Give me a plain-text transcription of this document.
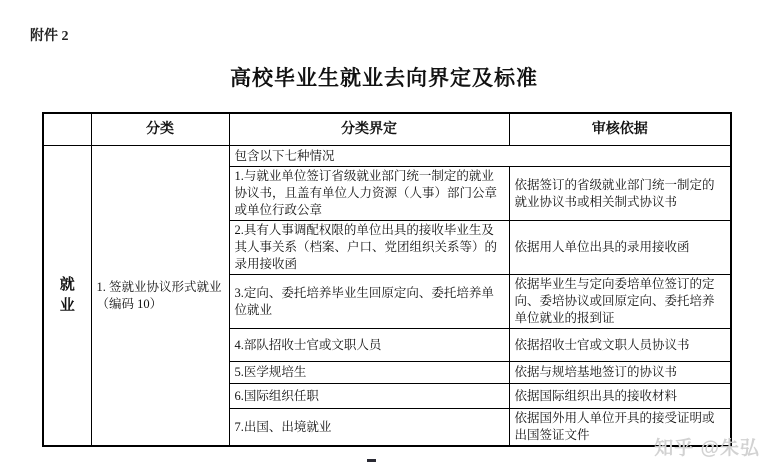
附件 2
高校毕业生就业去向界定及标准
	分类	分类界定	审核依据
就　业	1. 签就业协议形式就业（编码 10）	包含以下七种情况	
		1.与就业单位签订省级就业部门统一制定的就业协议书，且盖有单位人力资源（人事）部门公章或单位行政公章	依据签订的省级就业部门统一制定的就业协议书或相关制式协议书
		2.具有人事调配权限的单位出具的接收毕业生及其人事关系（档案、户口、党团组织关系等）的录用接收函	依据用人单位出具的录用接收函
		3.定向、委托培养毕业生回原定向、委托培养单位就业	依据毕业生与定向委培单位签订的定向、委培协议或回原定向、委托培养单位就业的报到证
		4.部队招收士官或文职人员	依据招收士官或文职人员协议书
		5.医学规培生	依据与规培基地签订的协议书
		6.国际组织任职	依据国际组织出具的接收材料
		7.出国、出境就业	依据国外用人单位开具的接受证明或出国签证文件
知乎 @朱弘
